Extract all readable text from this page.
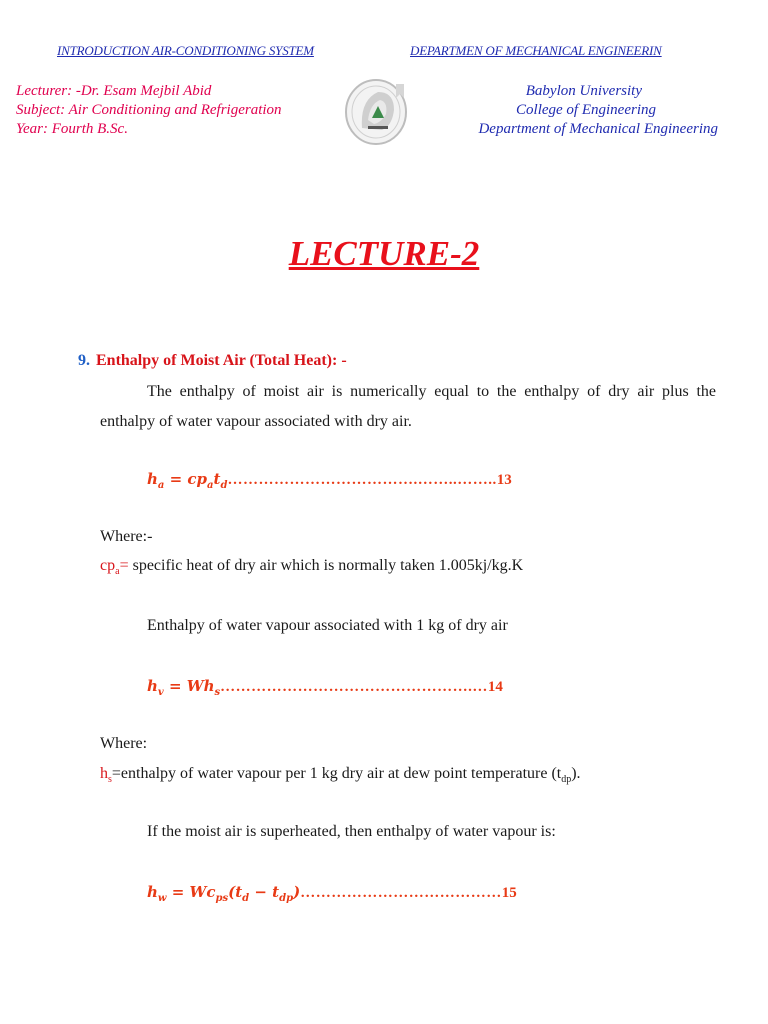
INTRODUCTION AIR-CONDITIONING SYSTEM	DEPARTMEN OF MECHANICAL ENGINEERIN
Lecturer: -Dr. Esam Mejbil Abid
Subject: Air Conditioning and Refrigeration
Year: Fourth B.Sc.
Babylon University
College of Engineering
Department of Mechanical Engineering
LECTURE-2
9. Enthalpy of Moist Air (Total Heat): -
The enthalpy of moist air is numerically equal to the enthalpy of dry air plus the enthalpy of water vapour associated with dry air.
$h_a$ = $cp_at_d\dots\dots\dots\dots\dots\dots\dots\dots\dots\dots\dots\dots.\dots\dots..\dots\dots..13$
Where:-
$cp_a=$ specific heat of dry air which is normally taken 1.005kj/kg.K
Enthalpy of water vapour associated with 1 kg of dry air
$h_v$ = $Wh_s\dots\dots\dots\dots\dots\dots\dots\dots\dots\dots\dots\dots\dots\dots\dots\dots.\dots 14$
Where:
$h_s=enthalpy$ of water vapour per 1 kg dry air at dew point temperature $(t_{dp})$.
If the moist air is superheated, then enthalpy of water vapour is:
$h_w = Wc_{ps}(t_d$ − $t_{dp})\dots\dots\dots\dots\dots\dots\dots\dots\dots\dots\dots\dots\dots 15$
